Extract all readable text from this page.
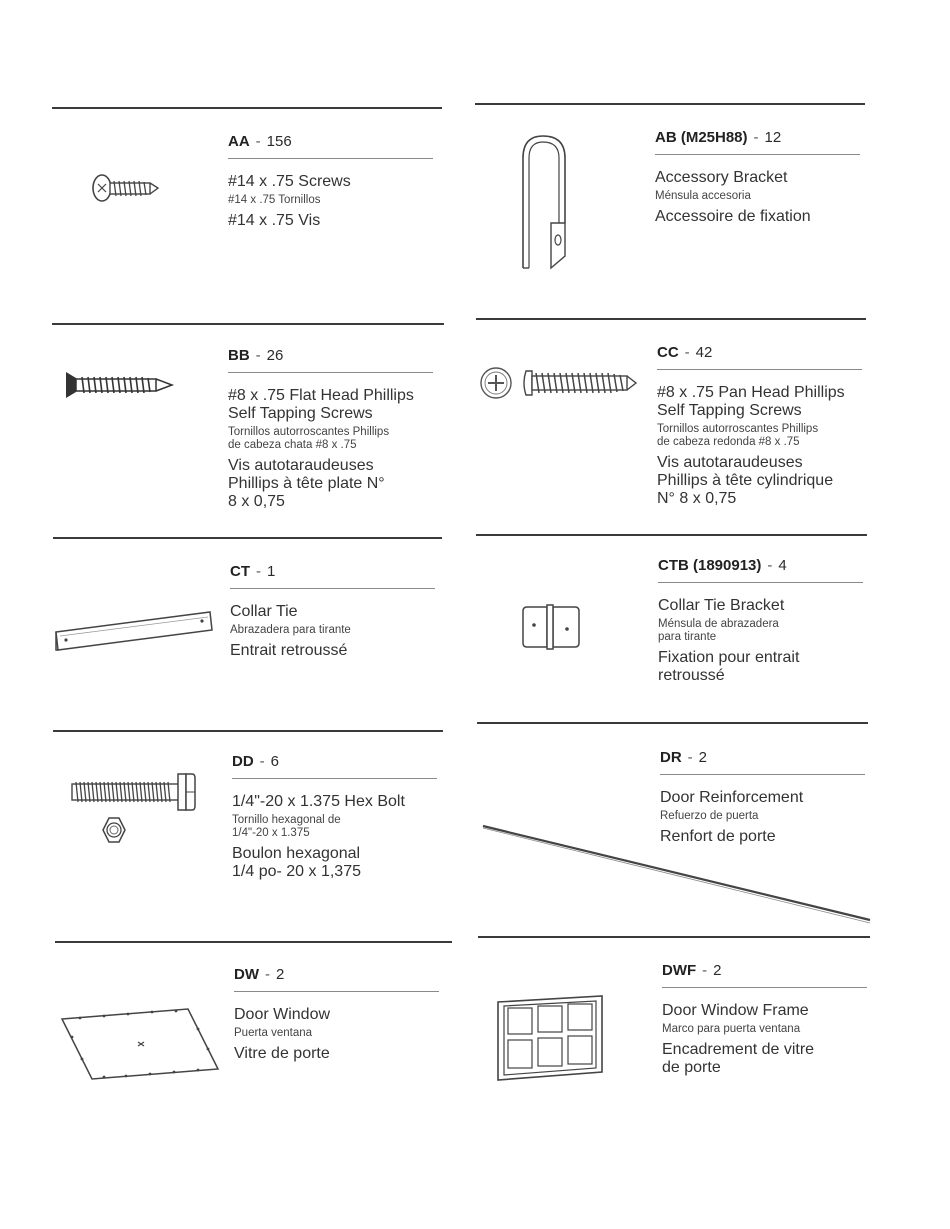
AA - 156

#14 x .75 Screws
#14 x .75 Tornillos
#14 x .75 Vis

AB (M25H88) - 12

Accessory Bracket
Ménsula accesoria
Accessoire de fixation

BB - 26

#8 x .75 Flat Head Phillips
Self Tapping Screws
Tornillos autorroscantes Phillips
de cabeza chata #8 x .75
Vis autotaraudeuses
Phillips à tête plate N°
8 x 0,75

CC - 42

#8 x .75 Pan Head Phillips
Self Tapping Screws
Tornillos autorroscantes Phillips
de cabeza redonda #8 x .75
Vis autotaraudeuses
Phillips à tête cylindrique
N° 8 x 0,75

CT - 1

Collar Tie
Abrazadera para tirante
Entrait retroussé

CTB (1890913) - 4

Collar Tie Bracket
Ménsula de abrazadera
para tirante
Fixation pour entrait
retroussé

DD - 6

1/4"-20 x 1.375 Hex Bolt
Tornillo hexagonal de
1/4"-20 x 1.375
Boulon hexagonal
1/4 po- 20 x 1,375

DR - 2

Door Reinforcement
Refuerzo de puerta
Renfort de porte

DW - 2

Door Window
Puerta ventana
Vitre de porte

DWF - 2

Door Window Frame
Marco para puerta ventana
Encadrement de vitre
de porte
